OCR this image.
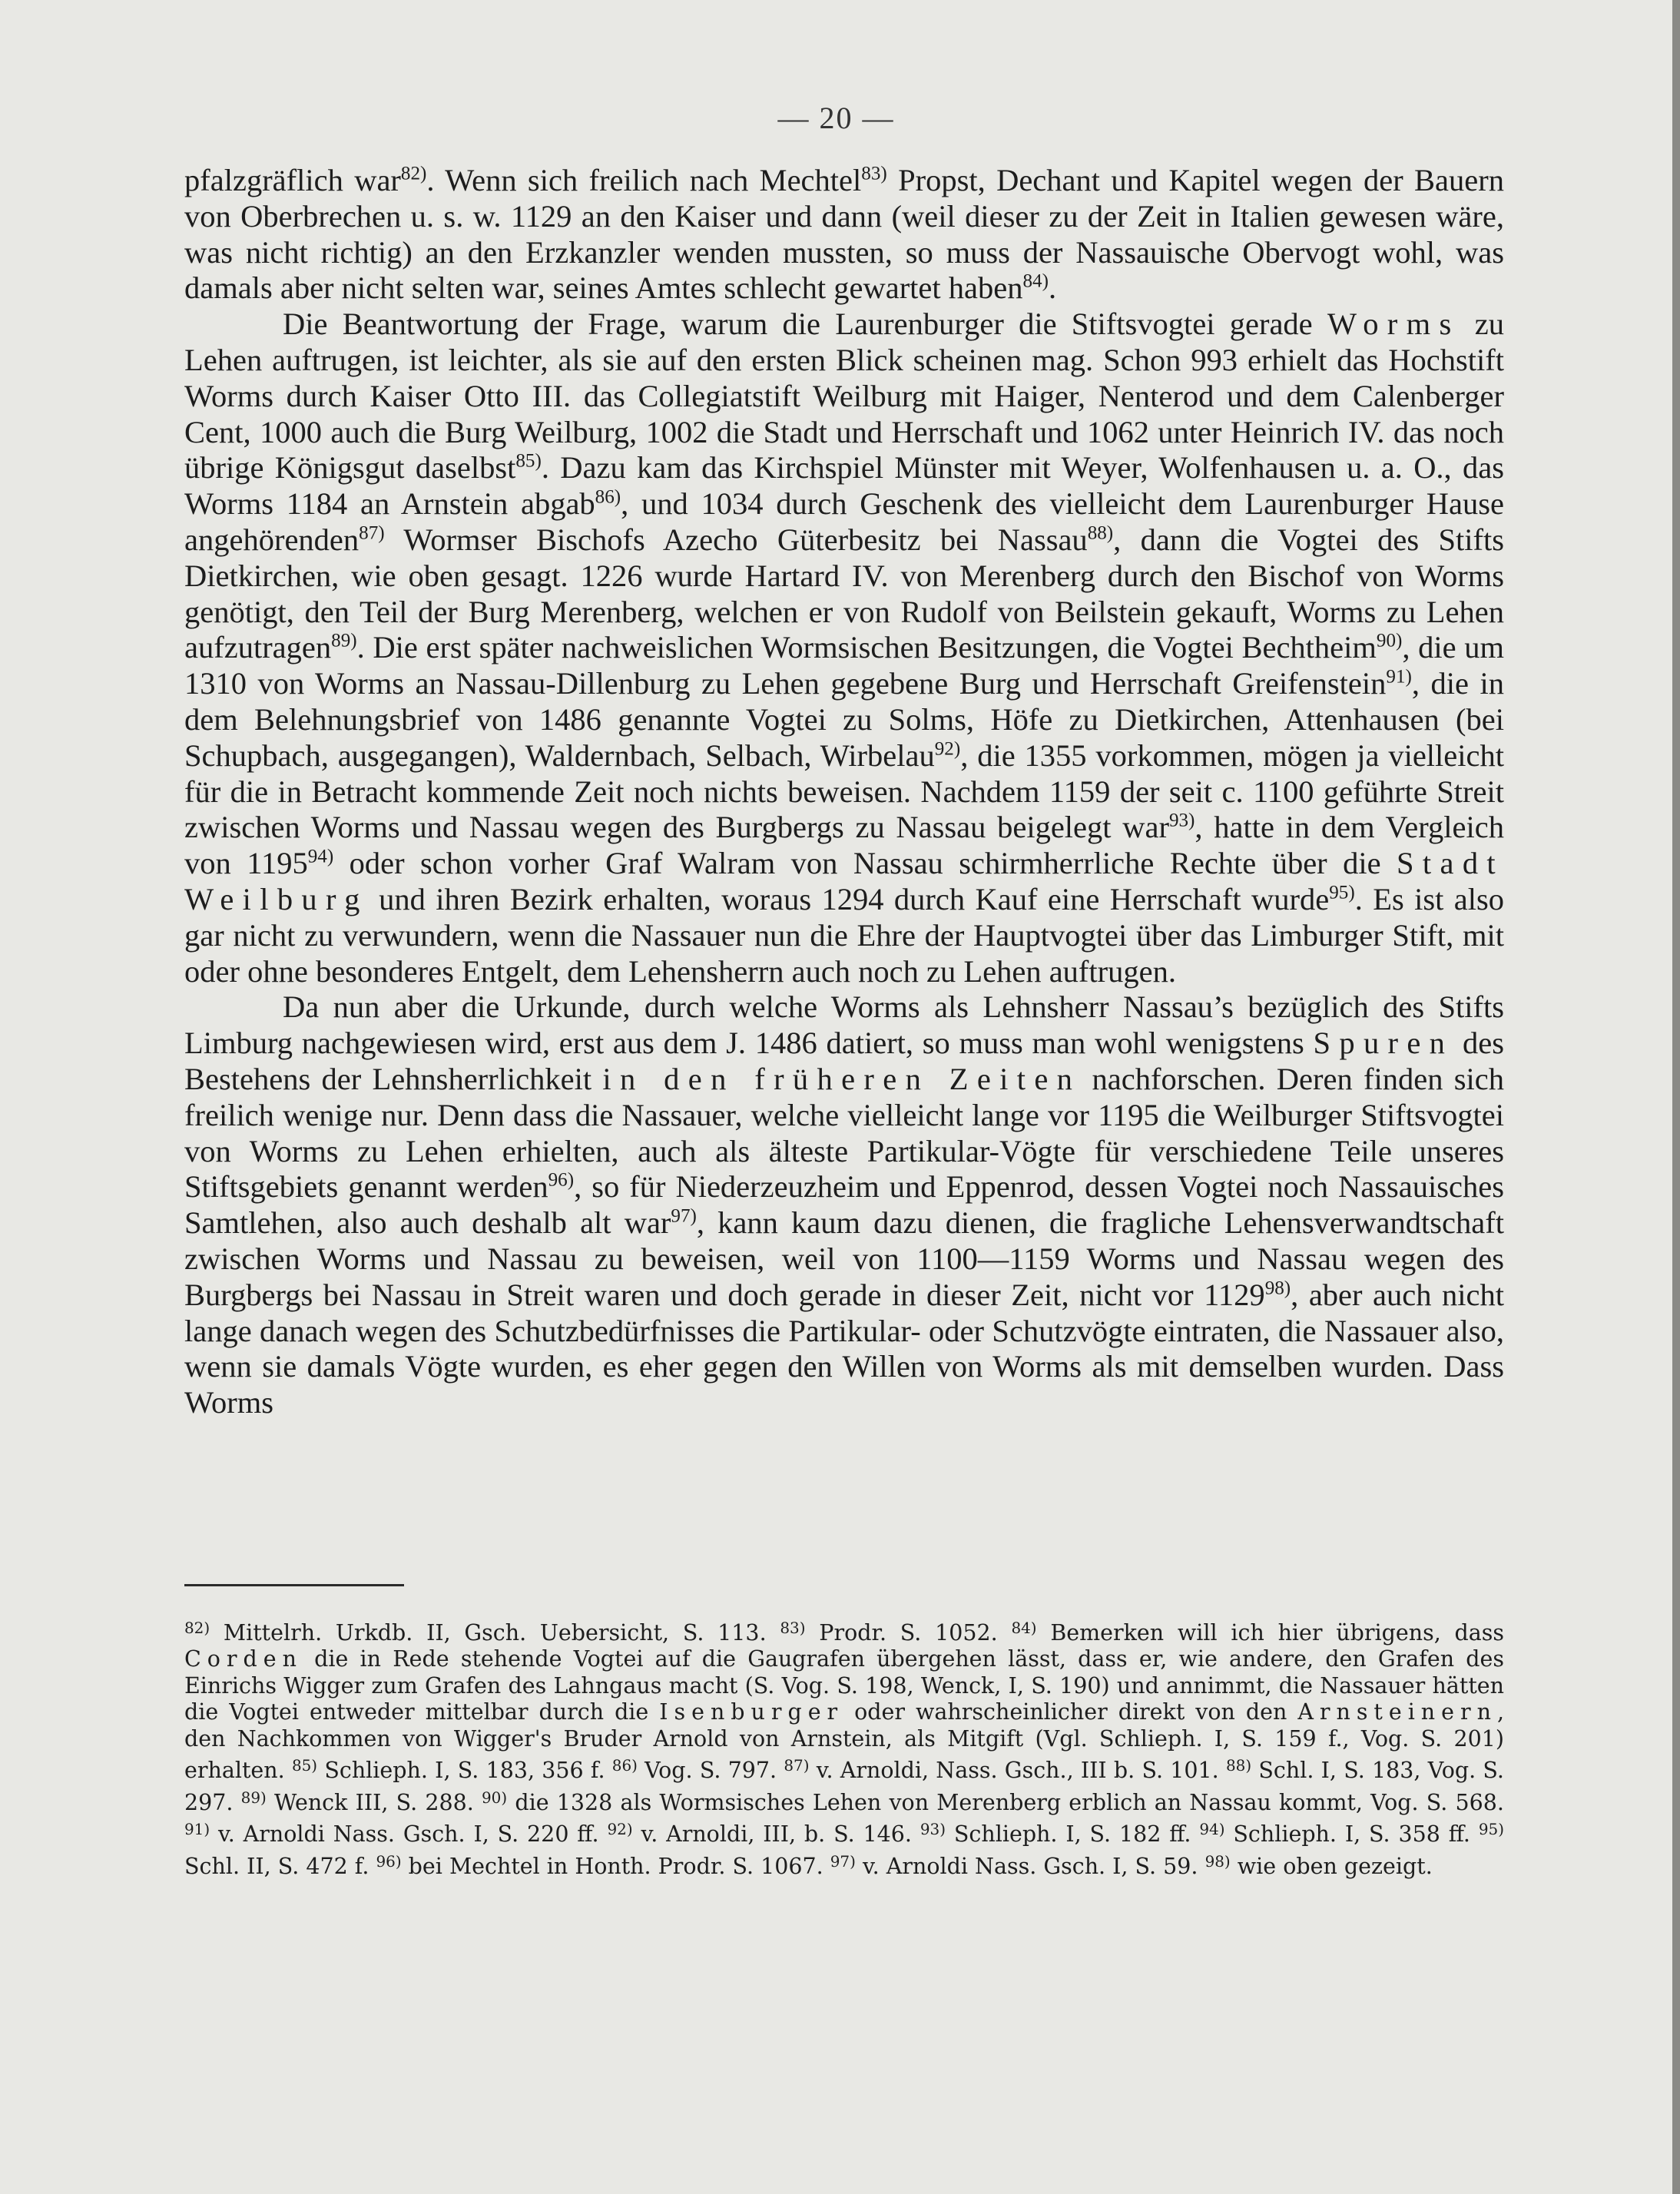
— 20 —

pfalzgräflich war$^{82)}$. Wenn sich freilich nach Mechtel$^{83)}$ Propst, Dechant und Kapitel wegen der Bauern von Oberbrechen u. s. w. 1129 an den Kaiser und dann (weil dieser zu der Zeit in Italien gewesen wäre, was nicht richtig) an den Erzkanzler wenden mussten, so muss der Nassauische Obervogt wohl, was damals aber nicht selten war, seines Amtes schlecht gewartet haben$^{84)}$.

Die Beantwortung der Frage, warum die Laurenburger die Stiftsvogtei gerade Worms zu Lehen auftrugen, ist leichter, als sie auf den ersten Blick scheinen mag. Schon 993 erhielt das Hochstift Worms durch Kaiser Otto III. das Collegiatstift Weilburg mit Haiger, Nenterod und dem Calenberger Cent, 1000 auch die Burg Weilburg, 1002 die Stadt und Herrschaft und 1062 unter Heinrich IV. das noch übrige Königsgut daselbst$^{85)}$. Dazu kam das Kirchspiel Münster mit Weyer, Wolfenhausen u. a. O., das Worms 1184 an Arnstein abgab$^{86)}$, und 1034 durch Geschenk des vielleicht dem Laurenburger Hause angehörenden$^{87)}$ Wormser Bischofs Azecho Güterbesitz bei Nassau$^{88)}$, dann die Vogtei des Stifts Dietkirchen, wie oben gesagt. 1226 wurde Hartard IV. von Merenberg durch den Bischof von Worms genötigt, den Teil der Burg Merenberg, welchen er von Rudolf von Beilstein gekauft, Worms zu Lehen aufzutragen$^{89)}$. Die erst später nachweislichen Wormsischen Besitzungen, die Vogtei Bechtheim$^{90)}$, die um 1310 von Worms an Nassau-Dillenburg zu Lehen gegebene Burg und Herrschaft Greifenstein$^{91)}$, die in dem Belehnungsbrief von 1486 genannte Vogtei zu Solms, Höfe zu Dietkirchen, Attenhausen (bei Schupbach, ausgegangen), Waldernbach, Selbach, Wirbelau$^{92)}$, die 1355 vorkommen, mögen ja vielleicht für die in Betracht kommende Zeit noch nichts beweisen. Nachdem 1159 der seit c. 1100 geführte Streit zwischen Worms und Nassau wegen des Burgbergs zu Nassau beigelegt war$^{93)}$, hatte in dem Vergleich von 1195$^{94)}$ oder schon vorher Graf Walram von Nassau schirmherrliche Rechte über die Stadt Weilburg und ihren Bezirk erhalten, woraus 1294 durch Kauf eine Herrschaft wurde$^{95)}$. Es ist also gar nicht zu verwundern, wenn die Nassauer nun die Ehre der Hauptvogtei über das Limburger Stift, mit oder ohne besonderes Entgelt, dem Lehensherrn auch noch zu Lehen auftrugen.

Da nun aber die Urkunde, durch welche Worms als Lehnsherr Nassau’s bezüglich des Stifts Limburg nachgewiesen wird, erst aus dem J. 1486 datiert, so muss man wohl wenigstens Spuren des Bestehens der Lehnsherrlichkeit in den früheren Zeiten nachforschen. Deren finden sich freilich wenige nur. Denn dass die Nassauer, welche vielleicht lange vor 1195 die Weilburger Stiftsvogtei von Worms zu Lehen erhielten, auch als älteste Partikular-Vögte für verschiedene Teile unseres Stiftsgebiets genannt werden$^{96)}$, so für Niederzeuzheim und Eppenrod, dessen Vogtei noch Nassauisches Samtlehen, also auch deshalb alt war$^{97)}$, kann kaum dazu dienen, die fragliche Lehensverwandtschaft zwischen Worms und Nassau zu beweisen, weil von 1100—1159 Worms und Nassau wegen des Burgbergs bei Nassau in Streit waren und doch gerade in dieser Zeit, nicht vor 1129$^{98)}$, aber auch nicht lange danach wegen des Schutzbedürfnisses die Partikular- oder Schutzvögte eintraten, die Nassauer also, wenn sie damals Vögte wurden, es eher gegen den Willen von Worms als mit demselben wurden. Dass Worms

$^{82)}$ Mittelrh. Urkdb. II, Gsch. Uebersicht, S. 113. $^{83)}$ Prodr. S. 1052. $^{84)}$ Bemerken will ich hier übrigens, dass Corden die in Rede stehende Vogtei auf die Gaugrafen übergehen lässt, dass er, wie andere, den Grafen des Einrichs Wigger zum Grafen des Lahngaus macht (S. Vog. S. 198, Wenck, I, S. 190) und annimmt, die Nassauer hätten die Vogtei entweder mittelbar durch die Isenburger oder wahrscheinlicher direkt von den Arnsteinern, den Nachkommen von Wigger's Bruder Arnold von Arnstein, als Mitgift (Vgl. Schlieph. I, S. 159 f., Vog. S. 201) erhalten. $^{85)}$ Schlieph. I, S. 183, 356 f. $^{86)}$ Vog. S. 797. $^{87)}$ v. Arnoldi, Nass. Gsch., III b. S. 101. $^{88)}$ Schl. I, S. 183, Vog. S. 297. $^{89)}$ Wenck III, S. 288. $^{90)}$ die 1328 als Wormsisches Lehen von Merenberg erblich an Nassau kommt, Vog. S. 568. $^{91)}$ v. Arnoldi Nass. Gsch. I, S. 220 ff. $^{92)}$ v. Arnoldi, III, b. S. 146. $^{93)}$ Schlieph. I, S. 182 ff. $^{94)}$ Schlieph. I, S. 358 ff. $^{95)}$ Schl. II, S. 472 f. $^{96)}$ bei Mechtel in Honth. Prodr. S. 1067. $^{97)}$ v. Arnoldi Nass. Gsch. I, S. 59. $^{98)}$ wie oben gezeigt.
